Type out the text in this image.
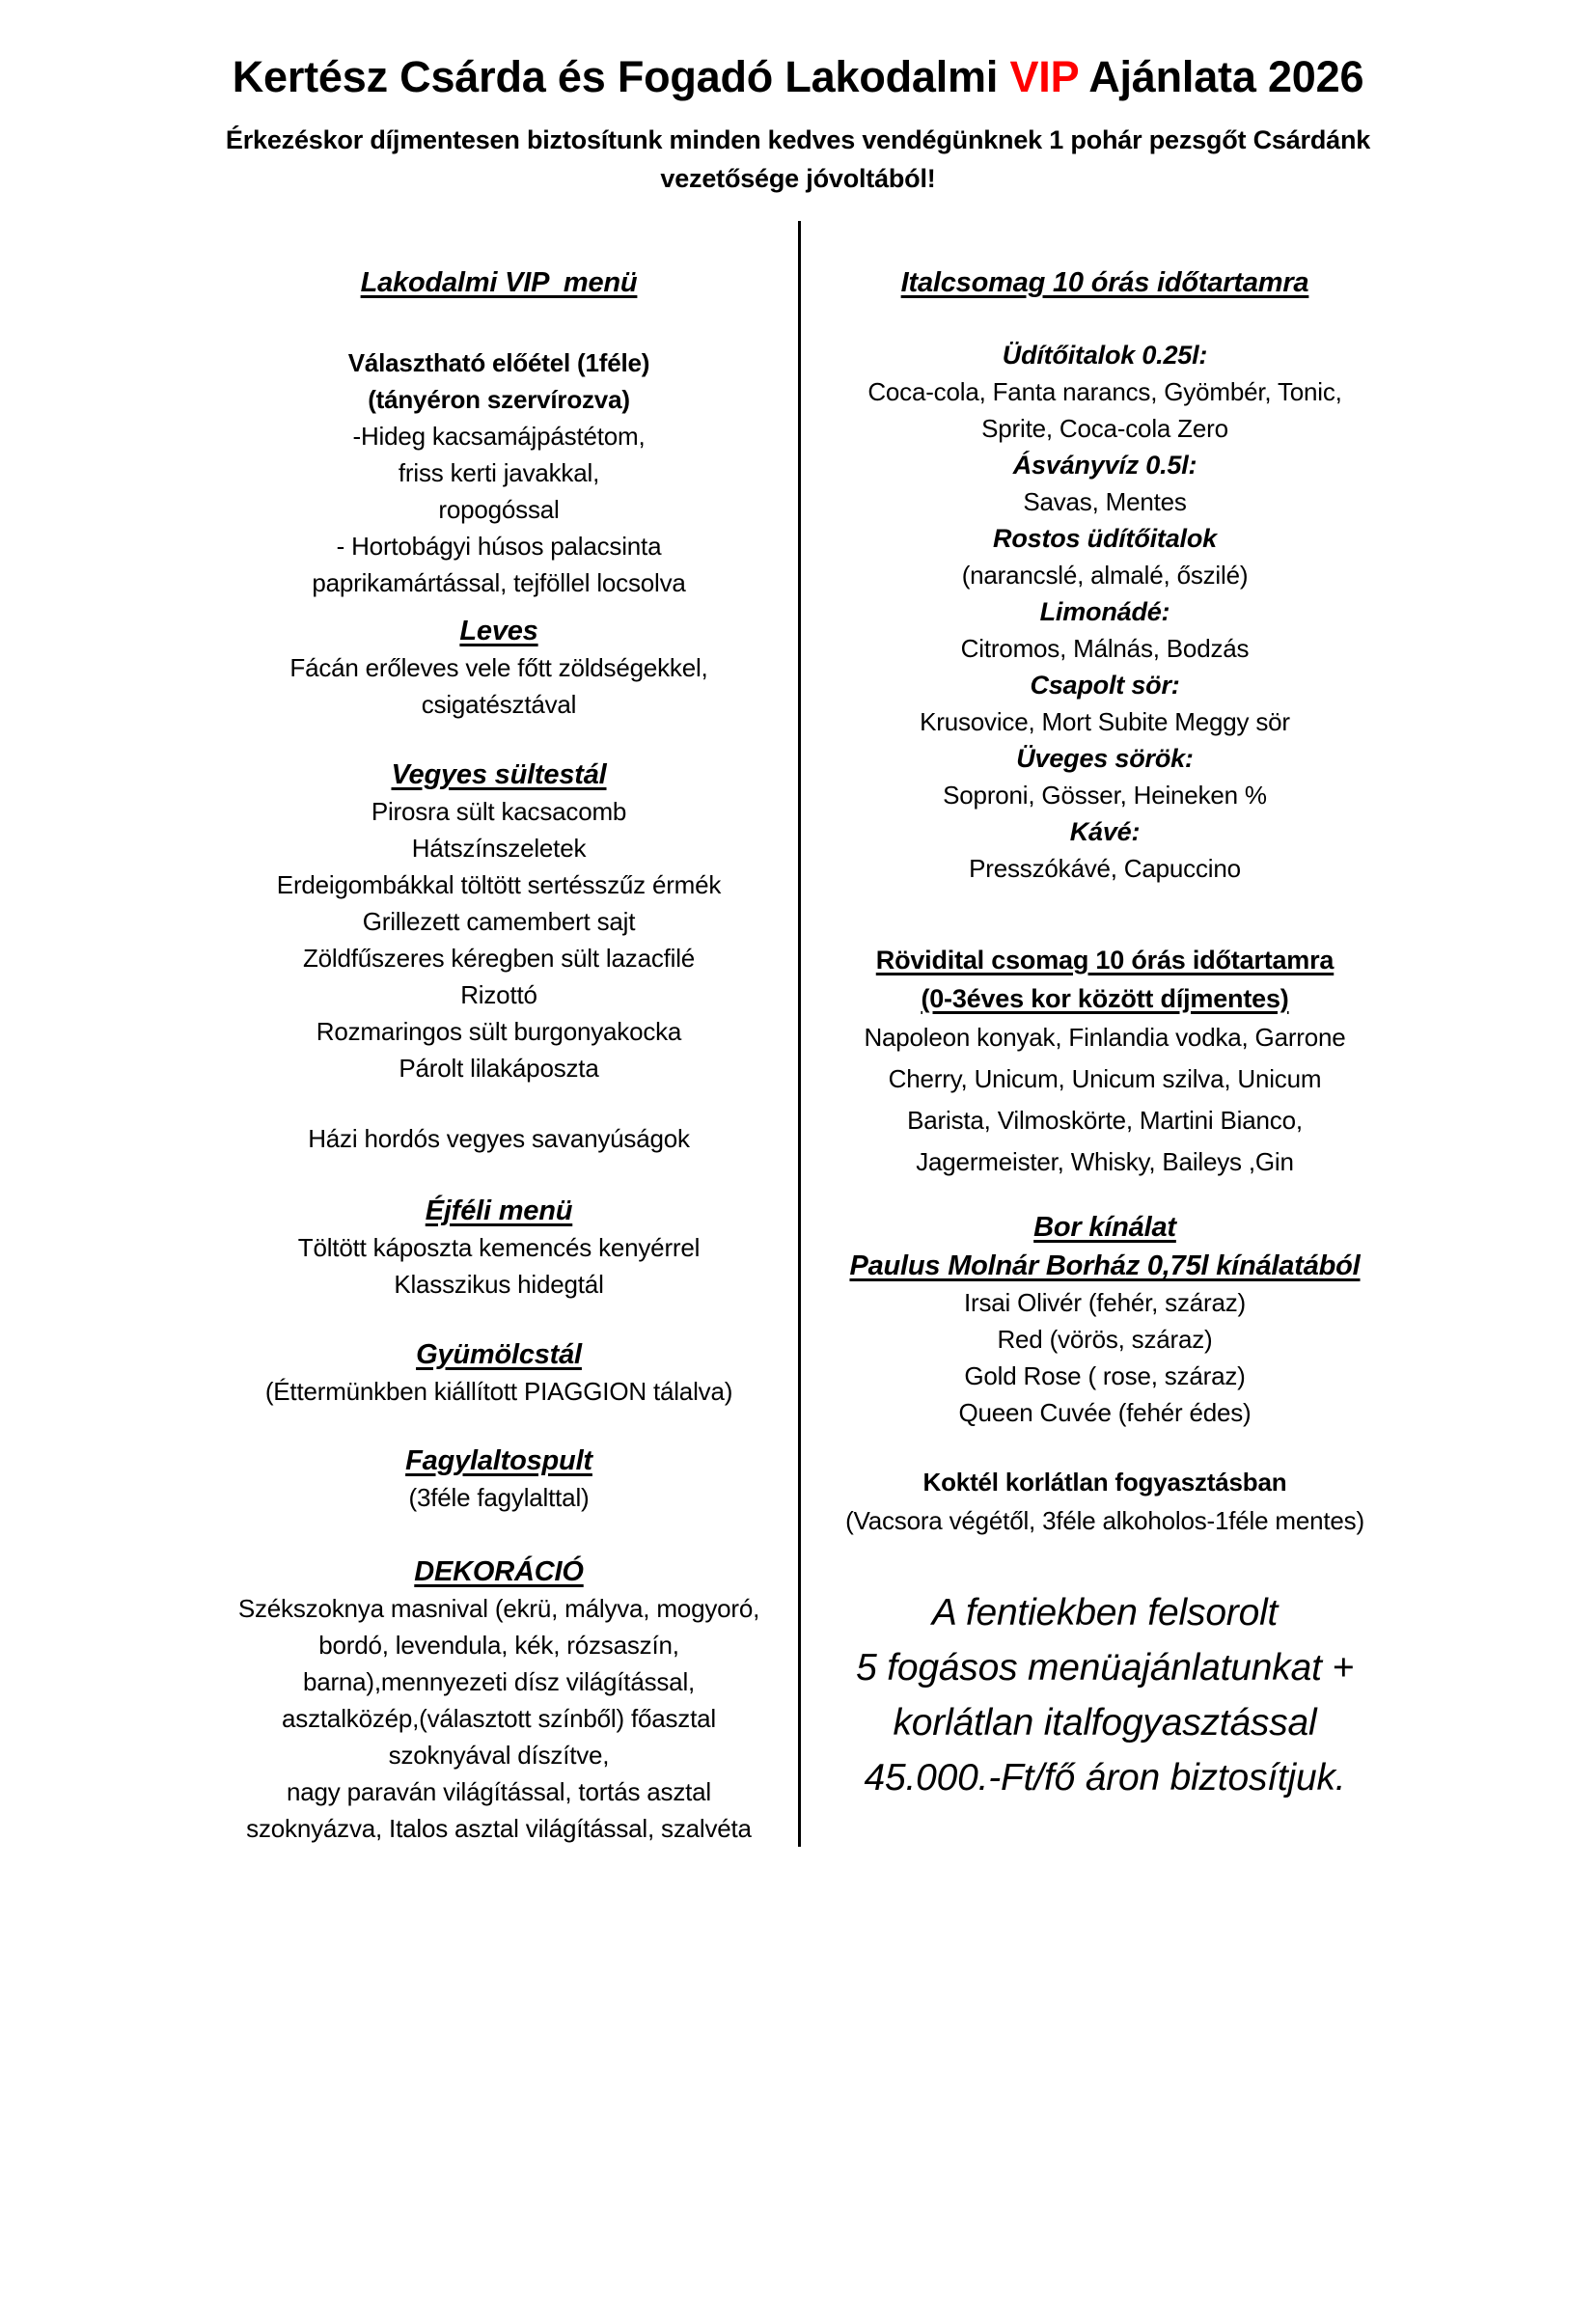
Kertész Csárda és Fogadó Lakodalmi VIP Ajánlata 2026
Érkezéskor díjmentesen biztosítunk minden kedves vendégünknek 1 pohár pezsgőt Csárdánk
vezetősége jóvoltából!
Lakodalmi VIP  menü
Választható előétel (1féle)
(tányéron szervírozva)
-Hideg kacsamájpástétom,
friss kerti javakkal,
ropogóssal
- Hortobágyi húsos palacsinta
paprikamártással, tejföllel locsolva
Leves
Fácán erőleves vele főtt zöldségekkel,
csigatésztával
Vegyes sültestál
Pirosra sült kacsacomb
Hátszínszeletek
Erdeigombákkal töltött sertésszűz érmék
Grillezett camembert sajt
Zöldfűszeres kéregben sült lazacfilé
Rizottó
Rozmaringos sült burgonyakocka
Párolt lilakáposzta
Házi hordós vegyes savanyúságok
Éjféli menü
Töltött káposzta kemencés kenyérrel
Klasszikus hidegtál
Gyümölcstál
(Éttermünkben kiállított PIAGGION tálalva)
Fagylaltospult
(3féle fagylalttal)
DEKORÁCIÓ
Székszoknya masnival (ekrü, mályva, mogyoró,
bordó, levendula, kék, rózsaszín,
barna),mennyezeti dísz világítással,
asztalközép,(választott színből) főasztal
szoknyával díszítve,
nagy paraván világítással, tortás asztal
szoknyázva, Italos asztal világítással, szalvéta
Italcsomag 10 órás időtartamra
Üdítőitalok 0.25l:
Coca-cola, Fanta narancs, Gyömbér, Tonic,
Sprite, Coca-cola Zero
Ásványvíz 0.5l:
Savas, Mentes
Rostos üdítőitalok
(narancslé, almalé, őszilé)
Limonádé:
Citromos, Málnás, Bodzás
Csapolt sör:
Krusovice, Mort Subite Meggy sör
Üveges sörök:
Soproni, Gösser, Heineken %
Kávé:
Presszókávé, Capuccino
Rövidital csomag 10 órás időtartamra
(0-3éves kor között díjmentes)
Napoleon konyak, Finlandia vodka, Garrone
Cherry, Unicum, Unicum szilva, Unicum
Barista, Vilmoskörte, Martini Bianco,
Jagermeister, Whisky, Baileys ,Gin
Bor kínálat
Paulus Molnár Borház 0,75l kínálatából
Irsai Olivér (fehér, száraz)
Red (vörös, száraz)
Gold Rose ( rose, száraz)
Queen Cuvée (fehér édes)
Koktél korlátlan fogyasztásban
(Vacsora végétől, 3féle alkoholos-1féle mentes)
A fentiekben felsorolt
5 fogásos menüajánlatunkat +
korlátlan italfogyasztással
45.000.-Ft/fő áron biztosítjuk.
